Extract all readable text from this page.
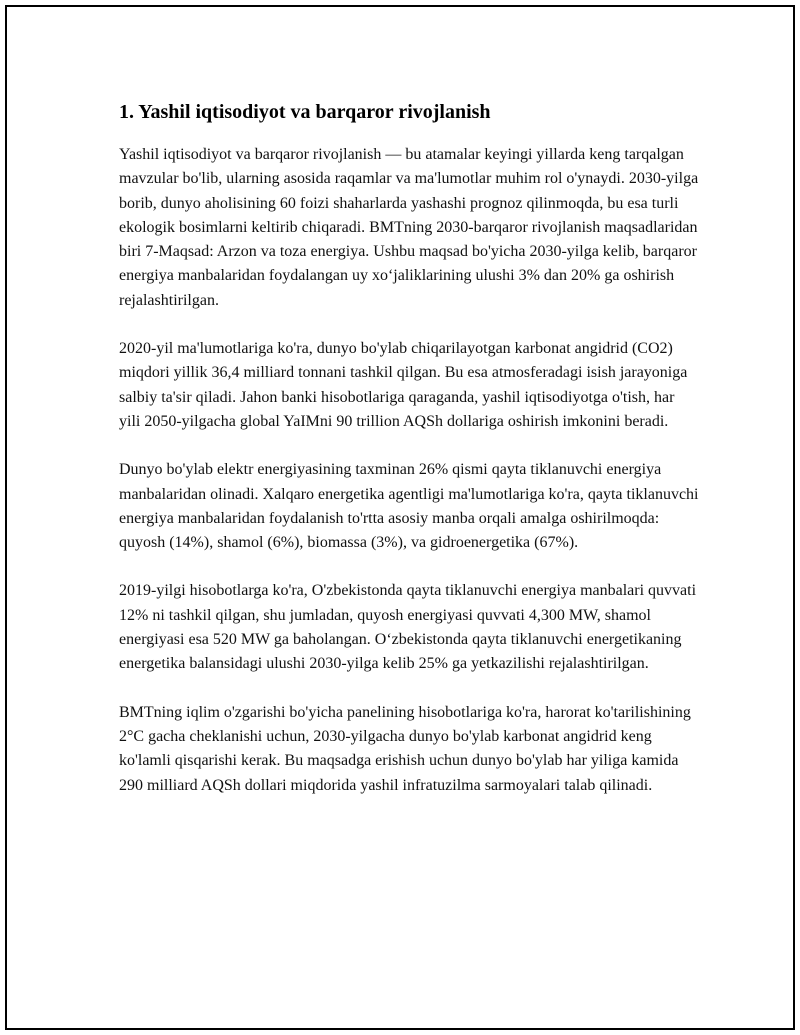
1. Yashil iqtisodiyot va barqaror rivojlanish

Yashil iqtisodiyot va barqaror rivojlanish — bu atamalar keyingi yillarda keng tarqalgan mavzular bo'lib, ularning asosida raqamlar va ma'lumotlar muhim rol o'ynaydi. 2030-yilga borib, dunyo aholisining 60 foizi shaharlarda yashashi prognoz qilinmoqda, bu esa turli ekologik bosimlarni keltirib chiqaradi. BMTning 2030-barqaror rivojlanish maqsadlaridan biri 7-Maqsad: Arzon va toza energiya. Ushbu maqsad bo'yicha 2030-yilga kelib, barqaror energiya manbalaridan foydalangan uy xo‘jaliklarining ulushi 3% dan 20% ga oshirish rejalashtirilgan.

2020-yil ma'lumotlariga ko'ra, dunyo bo'ylab chiqarilayotgan karbonat angidrid (CO2) miqdori yillik 36,4 milliard tonnani tashkil qilgan. Bu esa atmosferadagi isish jarayoniga salbiy ta'sir qiladi. Jahon banki hisobotlariga qaraganda, yashil iqtisodiyotga o'tish, har yili 2050-yilgacha global YaIMni 90 trillion AQSh dollariga oshirish imkonini beradi.

Dunyo bo'ylab elektr energiyasining taxminan 26% qismi qayta tiklanuvchi energiya manbalaridan olinadi. Xalqaro energetika agentligi ma'lumotlariga ko'ra, qayta tiklanuvchi energiya manbalaridan foydalanish to'rtta asosiy manba orqali amalga oshirilmoqda: quyosh (14%), shamol (6%), biomassa (3%), va gidroenergetika (67%).

2019-yilgi hisobotlarga ko'ra, O'zbekistonda qayta tiklanuvchi energiya manbalari quvvati 12% ni tashkil qilgan, shu jumladan, quyosh energiyasi quvvati 4,300 MW, shamol energiyasi esa 520 MW ga baholangan. O‘zbekistonda qayta tiklanuvchi energetikaning energetika balansidagi ulushi 2030-yilga kelib 25% ga yetkazilishi rejalashtirilgan.

BMTning iqlim o'zgarishi bo'yicha panelining hisobotlariga ko'ra, harorat ko'tarilishining 2°C gacha cheklanishi uchun, 2030-yilgacha dunyo bo'ylab karbonat angidrid keng ko'lamli qisqarishi kerak. Bu maqsadga erishish uchun dunyo bo'ylab har yiliga kamida 290 milliard AQSh dollari miqdorida yashil infratuzilma sarmoyalari talab qilinadi.
